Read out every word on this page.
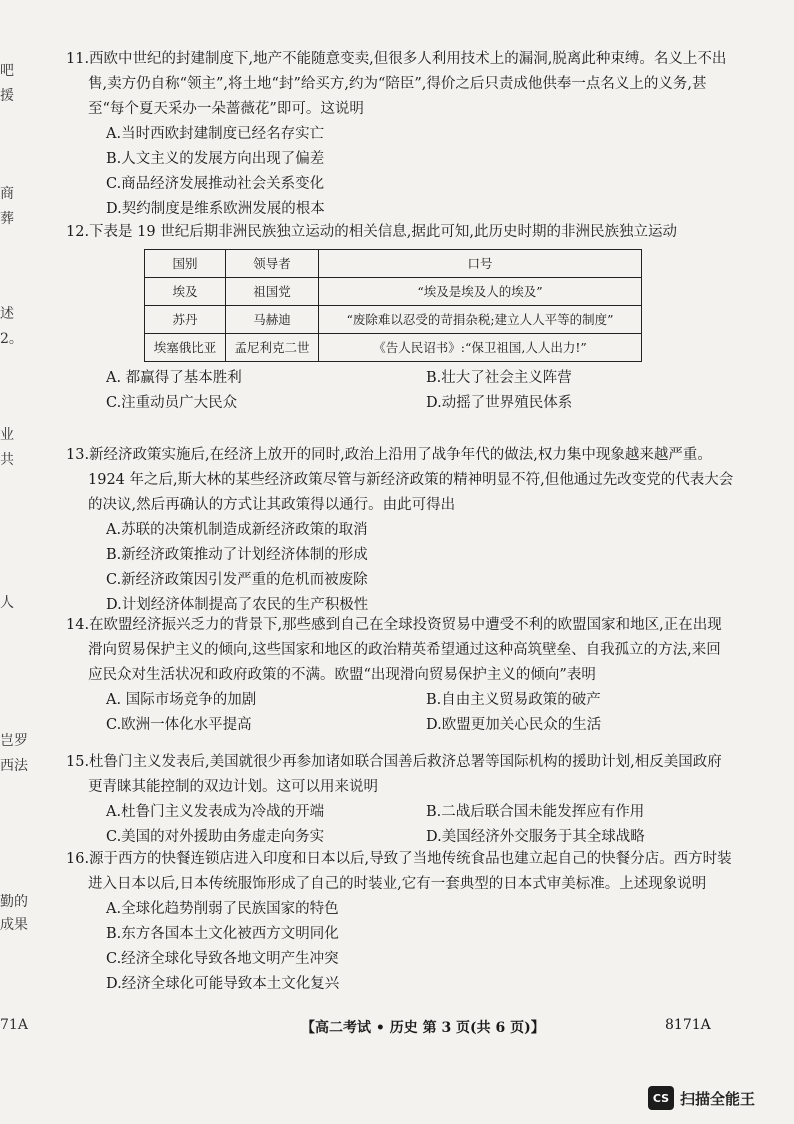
吧
援
商
葬
述
2。
业
共
人
岂罗
西法
勤的
成果
71A

11.西欧中世纪的封建制度下,地产不能随意变卖,但很多人利用技术上的漏洞,脱离此种束缚。名义上不出售,卖方仍自称“领主”,将土地“封”给买方,约为“陪臣”,得价之后只责成他供奉一点名义上的义务,甚至“每个夏天采办一朵蔷薇花”即可。这说明

A.当时西欧封建制度已经名存实亡
B.人文主义的发展方向出现了偏差
C.商品经济发展推动社会关系变化
D.契约制度是维系欧洲发展的根本

12.下表是 19 世纪后期非洲民族独立运动的相关信息,据此可知,此历史时期的非洲民族独立运动

国别	领导者	口号
埃及	祖国党	“埃及是埃及人的埃及”
苏丹	马赫迪	“废除难以忍受的苛捐杂税;建立人人平等的制度”
埃塞俄比亚	孟尼利克二世	《告人民诏书》:“保卫祖国,人人出力!”
A. 都赢得了基本胜利	B.壮大了社会主义阵营
C.注重动员广大民众	D.动摇了世界殖民体系

13.新经济政策实施后,在经济上放开的同时,政治上沿用了战争年代的做法,权力集中现象越来越严重。1924 年之后,斯大林的某些经济政策尽管与新经济政策的精神明显不符,但他通过先改变党的代表大会的决议,然后再确认的方式让其政策得以通行。由此可得出

A.苏联的决策机制造成新经济政策的取消
B.新经济政策推动了计划经济体制的形成
C.新经济政策因引发严重的危机而被废除
D.计划经济体制提高了农民的生产积极性

14.在欧盟经济振兴乏力的背景下,那些感到自己在全球投资贸易中遭受不利的欧盟国家和地区,正在出现滑向贸易保护主义的倾向,这些国家和地区的政治精英希望通过这种高筑壁垒、自我孤立的方法,来回应民众对生活状况和政府政策的不满。欧盟“出现滑向贸易保护主义的倾向”表明

A. 国际市场竞争的加剧	B.自由主义贸易政策的破产
C.欧洲一体化水平提高	D.欧盟更加关心民众的生活

15.杜鲁门主义发表后,美国就很少再参加诸如联合国善后救济总署等国际机构的援助计划,相反美国政府更青睐其能控制的双边计划。这可以用来说明

A.杜鲁门主义发表成为冷战的开端	B.二战后联合国未能发挥应有作用
C.美国的对外援助由务虚走向务实	D.美国经济外交服务于其全球战略

16.源于西方的快餐连锁店进入印度和日本以后,导致了当地传统食品也建立起自己的快餐分店。西方时装进入日本以后,日本传统服饰形成了自己的时装业,它有一套典型的日本式审美标准。上述现象说明

A.全球化趋势削弱了民族国家的特色
B.东方各国本土文化被西方文明同化
C.经济全球化导致各地文明产生冲突
D.经济全球化可能导致本土文化复兴
【高二考试 • 历史 第 3 页(共 6 页)】	8171A
CS 扫描全能王
